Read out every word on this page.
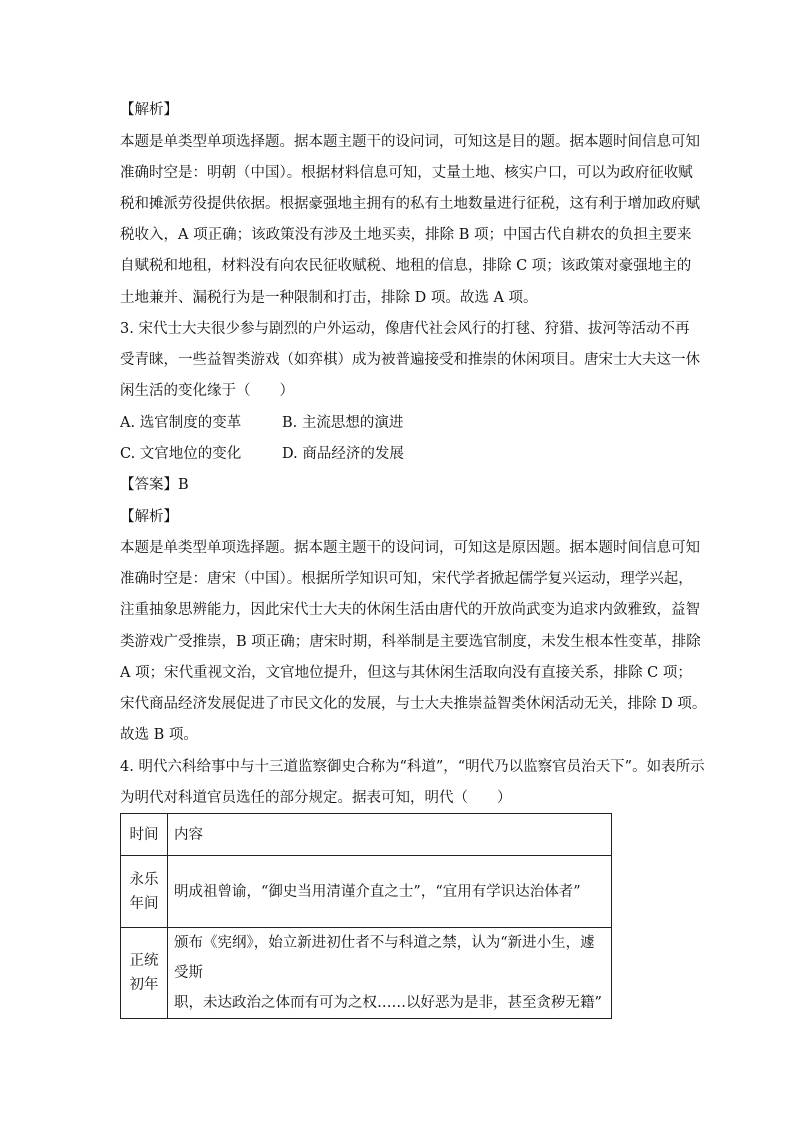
【解析】
本题是单类型单项选择题。据本题主题干的设问词，可知这是目的题。据本题时间信息可知
准确时空是：明朝（中国）。根据材料信息可知，丈量土地、核实户口，可以为政府征收赋
税和摊派劳役提供依据。根据豪强地主拥有的私有土地数量进行征税，这有利于增加政府赋
税收入，A 项正确；该政策没有涉及土地买卖，排除 B 项；中国古代自耕农的负担主要来
自赋税和地租，材料没有向农民征收赋税、地租的信息，排除 C 项；该政策对豪强地主的
土地兼并、漏税行为是一种限制和打击，排除 D 项。故选 A 项。
3. 宋代士大夫很少参与剧烈的户外运动，像唐代社会风行的打毬、狩猎、拔河等活动不再
受青睐，一些益智类游戏（如弈棋）成为被普遍接受和推崇的休闲项目。唐宋士大夫这一休
闲生活的变化缘于（　　）
A. 选官制度的变革	B. 主流思想的演进
C. 文官地位的变化	D. 商品经济的发展
【答案】B
【解析】
本题是单类型单项选择题。据本题主题干的设问词，可知这是原因题。据本题时间信息可知
准确时空是：唐宋（中国）。根据所学知识可知，宋代学者掀起儒学复兴运动，理学兴起，
注重抽象思辨能力，因此宋代士大夫的休闲生活由唐代的开放尚武变为追求内敛雅致，益智
类游戏广受推崇，B 项正确；唐宋时期，科举制是主要选官制度，未发生根本性变革，排除
A 项；宋代重视文治，文官地位提升，但这与其休闲生活取向没有直接关系，排除 C 项；
宋代商品经济发展促进了市民文化的发展，与士大夫推崇益智类休闲活动无关，排除 D 项。
故选 B 项。
4. 明代六科给事中与十三道监察御史合称为“科道”，“明代乃以监察官员治天下”。如表所示
为明代对科道官员选任的部分规定。据表可知，明代（　　）
时间	内容
永乐年间	明成祖曾谕，“御史当用清谨介直之士”，“宜用有学识达治体者”

正统初年	颁布《宪纲》，始立新进初仕者不与科道之禁，认为“新进小生，遽受斯
职，未达政治之体而有可为之权……以好恶为是非，甚至贪秽无籍”
